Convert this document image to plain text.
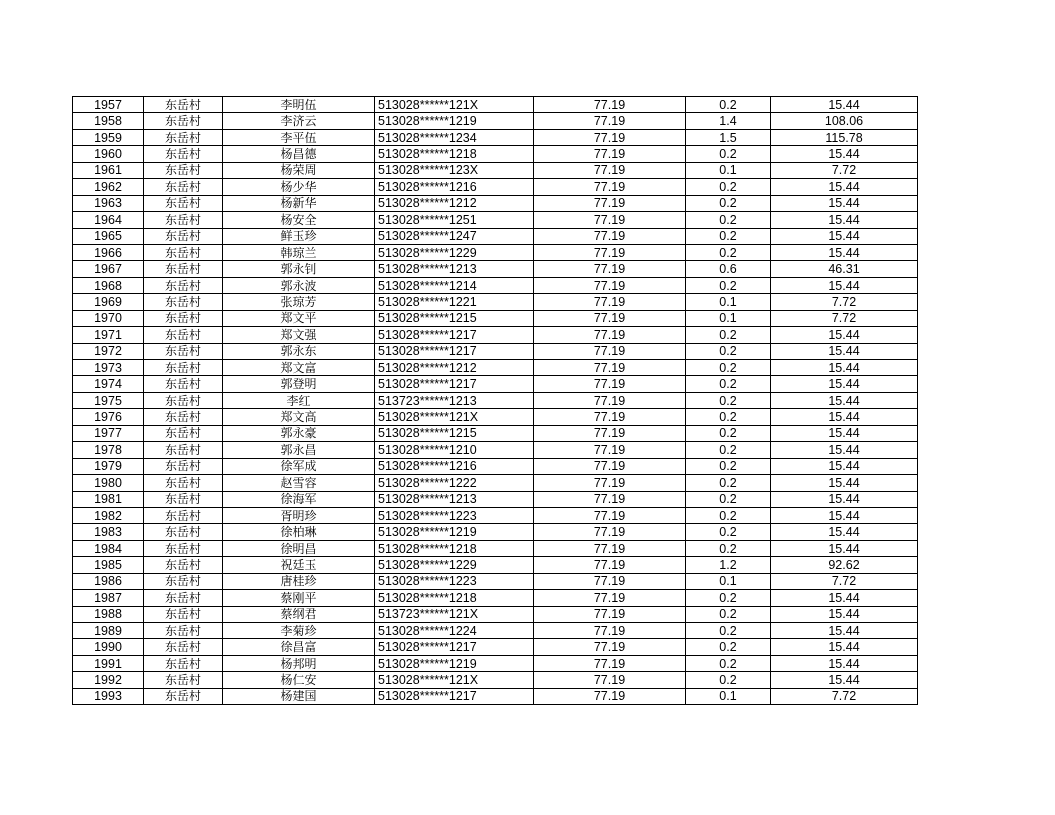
1957	东岳村	李明伍	513028******121X	77.19	0.2	15.44
1958	东岳村	李济云	513028******1219	77.19	1.4	108.06
1959	东岳村	李平伍	513028******1234	77.19	1.5	115.78
1960	东岳村	杨昌德	513028******1218	77.19	0.2	15.44
1961	东岳村	杨荣周	513028******123X	77.19	0.1	7.72
1962	东岳村	杨少华	513028******1216	77.19	0.2	15.44
1963	东岳村	杨新华	513028******1212	77.19	0.2	15.44
1964	东岳村	杨安全	513028******1251	77.19	0.2	15.44
1965	东岳村	鲜玉珍	513028******1247	77.19	0.2	15.44
1966	东岳村	韩琼兰	513028******1229	77.19	0.2	15.44
1967	东岳村	郭永钊	513028******1213	77.19	0.6	46.31
1968	东岳村	郭永波	513028******1214	77.19	0.2	15.44
1969	东岳村	张琼芳	513028******1221	77.19	0.1	7.72
1970	东岳村	郑文平	513028******1215	77.19	0.1	7.72
1971	东岳村	郑文强	513028******1217	77.19	0.2	15.44
1972	东岳村	郭永东	513028******1217	77.19	0.2	15.44
1973	东岳村	郑文富	513028******1212	77.19	0.2	15.44
1974	东岳村	郭登明	513028******1217	77.19	0.2	15.44
1975	东岳村	李红	513723******1213	77.19	0.2	15.44
1976	东岳村	郑文高	513028******121X	77.19	0.2	15.44
1977	东岳村	郭永豪	513028******1215	77.19	0.2	15.44
1978	东岳村	郭永昌	513028******1210	77.19	0.2	15.44
1979	东岳村	徐军成	513028******1216	77.19	0.2	15.44
1980	东岳村	赵雪容	513028******1222	77.19	0.2	15.44
1981	东岳村	徐海军	513028******1213	77.19	0.2	15.44
1982	东岳村	胥明珍	513028******1223	77.19	0.2	15.44
1983	东岳村	徐柏琳	513028******1219	77.19	0.2	15.44
1984	东岳村	徐明昌	513028******1218	77.19	0.2	15.44
1985	东岳村	祝廷玉	513028******1229	77.19	1.2	92.62
1986	东岳村	唐桂珍	513028******1223	77.19	0.1	7.72
1987	东岳村	蔡刚平	513028******1218	77.19	0.2	15.44
1988	东岳村	蔡纲君	513723******121X	77.19	0.2	15.44
1989	东岳村	李菊珍	513028******1224	77.19	0.2	15.44
1990	东岳村	徐昌富	513028******1217	77.19	0.2	15.44
1991	东岳村	杨邦明	513028******1219	77.19	0.2	15.44
1992	东岳村	杨仁安	513028******121X	77.19	0.2	15.44
1993	东岳村	杨建国	513028******1217	77.19	0.1	7.72
